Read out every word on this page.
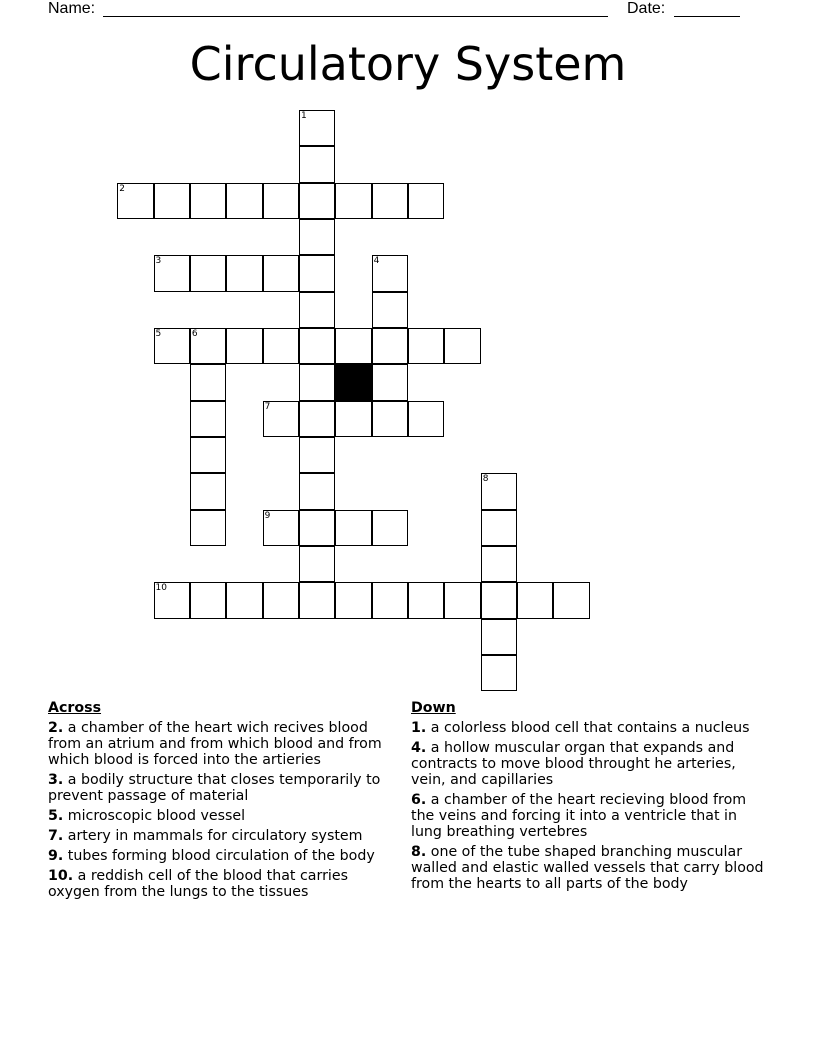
Name:	Date:
Circulatory System
1
2
3	4
5	6
7
8
9
10
Across
2. a chamber of the heart wich recives blood from an atrium and from which blood and from which blood is forced into the artieries
3. a bodily structure that closes temporarily to prevent passage of material
5. microscopic blood vessel
7. artery in mammals for circulatory system
9. tubes forming blood circulation of the body
10. a reddish cell of the blood that carries oxygen from the lungs to the tissues
Down
1. a colorless blood cell that contains a nucleus
4. a hollow muscular organ that expands and contracts to move blood throught he arteries, vein, and capillaries
6. a chamber of the heart recieving blood from the veins and forcing it into a ventricle that in lung breathing vertebres
8. one of the tube shaped branching muscular walled and elastic walled vessels that carry blood from the hearts to all parts of the body
